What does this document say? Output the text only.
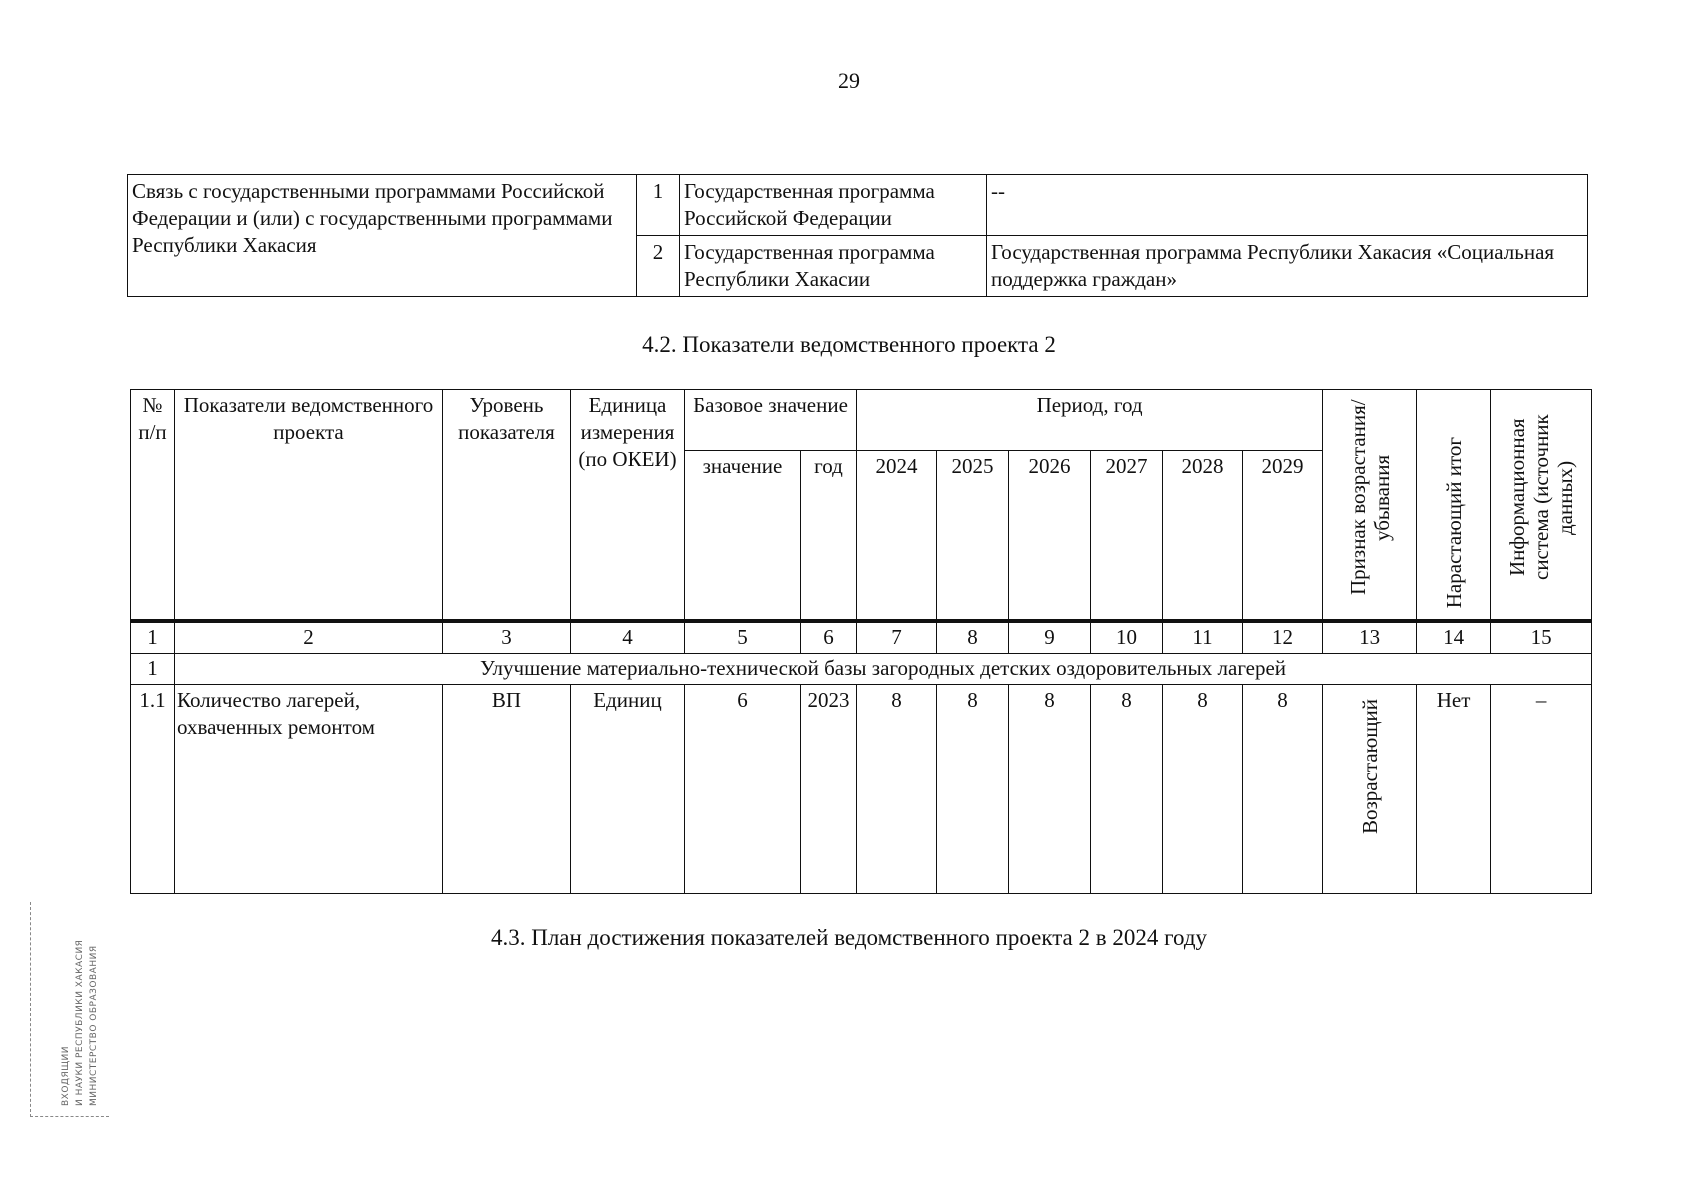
29
Связь с государственными программами Российской Федерации и (или) с государственными программами Республики Хакасия	1	Государственная программа Российской Федерации	--
	2	Государственная программа Республики Хакасии	Государственная программа Республики Хакасия «Социальная поддержка граждан»
4.2. Показатели ведомственного проекта 2
№ п/п	Показатели ведомственного проекта	Уровень показателя	Единица измерения (по ОКЕИ)	Базовое значение		Период, год						Признак возрастания/ убывания	Нарастающий итог	Информационная система (источник данных)
				значение	год	2024	2025	2026	2027	2028	2029			
1	2	3	4	5	6	7	8	9	10	11	12	13	14	15
1	Улучшение материально-технической базы загородных детских оздоровительных лагерей													
1.1	Количество лагерей, охваченных ремонтом	ВП	Единиц	6	2023	8	8	8	8	8	8	Возрастающий	Нет	–
4.3. План достижения показателей ведомственного проекта 2 в 2024 году
МИНИСТЕРСТВО ОБРАЗОВАНИЯ
И НАУКИ РЕСПУБЛИКИ ХАКАСИЯ
ВХОДЯЩИЙ
